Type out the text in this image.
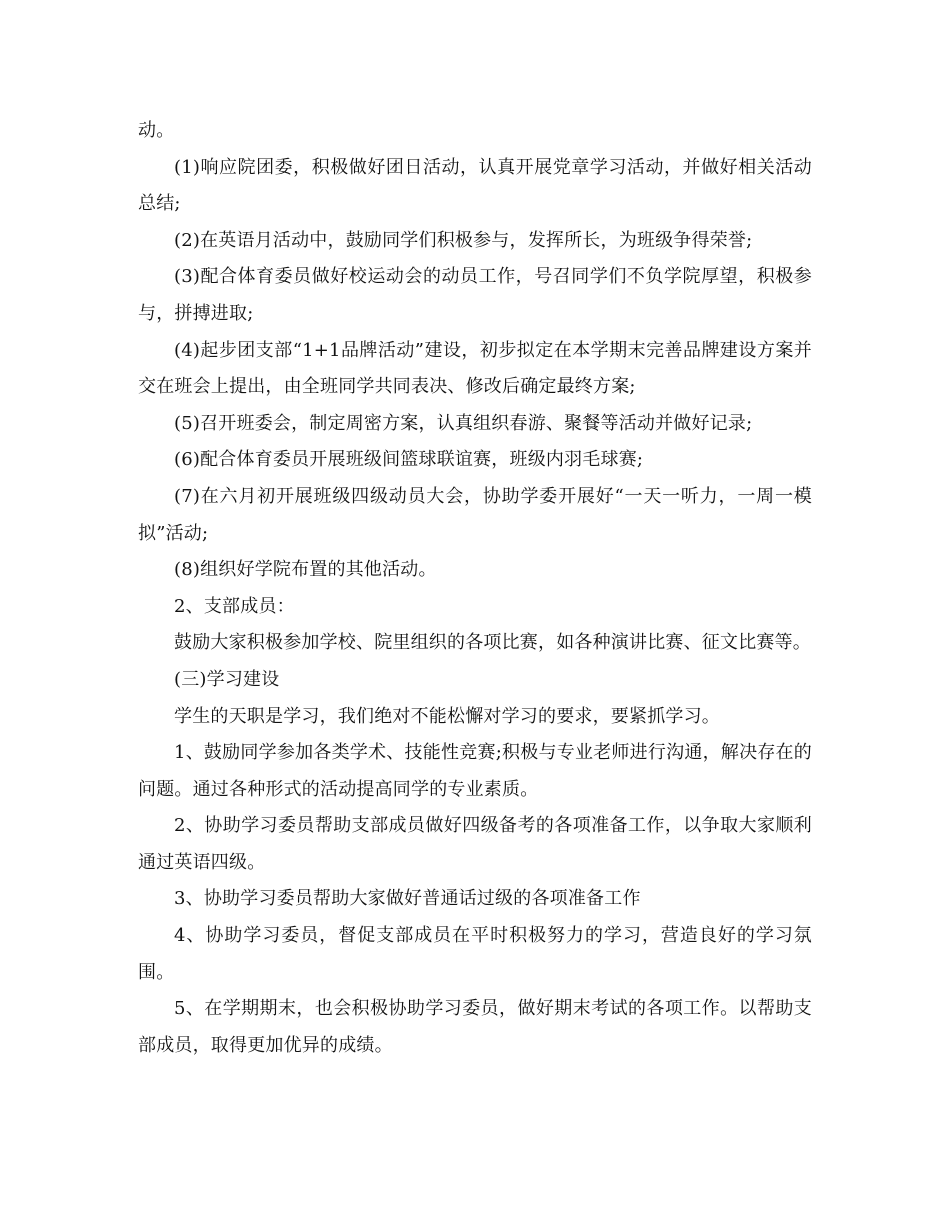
动。

(1)响应院团委，积极做好团日活动，认真开展党章学习活动，并做好相关活动总结;

(2)在英语月活动中，鼓励同学们积极参与，发挥所长，为班级争得荣誉;

(3)配合体育委员做好校运动会的动员工作，号召同学们不负学院厚望，积极参与，拼搏进取;

(4)起步团支部“1+1品牌活动”建设，初步拟定在本学期末完善品牌建设方案并交在班会上提出，由全班同学共同表决、修改后确定最终方案;

(5)召开班委会，制定周密方案，认真组织春游、聚餐等活动并做好记录;

(6)配合体育委员开展班级间篮球联谊赛，班级内羽毛球赛;

(7)在六月初开展班级四级动员大会，协助学委开展好“一天一听力，一周一模拟”活动;

(8)组织好学院布置的其他活动。

2、支部成员：

鼓励大家积极参加学校、院里组织的各项比赛，如各种演讲比赛、征文比赛等。

(三)学习建设

学生的天职是学习，我们绝对不能松懈对学习的要求，要紧抓学习。

1、鼓励同学参加各类学术、技能性竞赛;积极与专业老师进行沟通，解决存在的问题。通过各种形式的活动提高同学的专业素质。

2、协助学习委员帮助支部成员做好四级备考的各项准备工作，以争取大家顺利通过英语四级。

3、协助学习委员帮助大家做好普通话过级的各项准备工作

4、协助学习委员，督促支部成员在平时积极努力的学习，营造良好的学习氛围。

5、在学期期末，也会积极协助学习委员，做好期末考试的各项工作。以帮助支部成员，取得更加优异的成绩。
